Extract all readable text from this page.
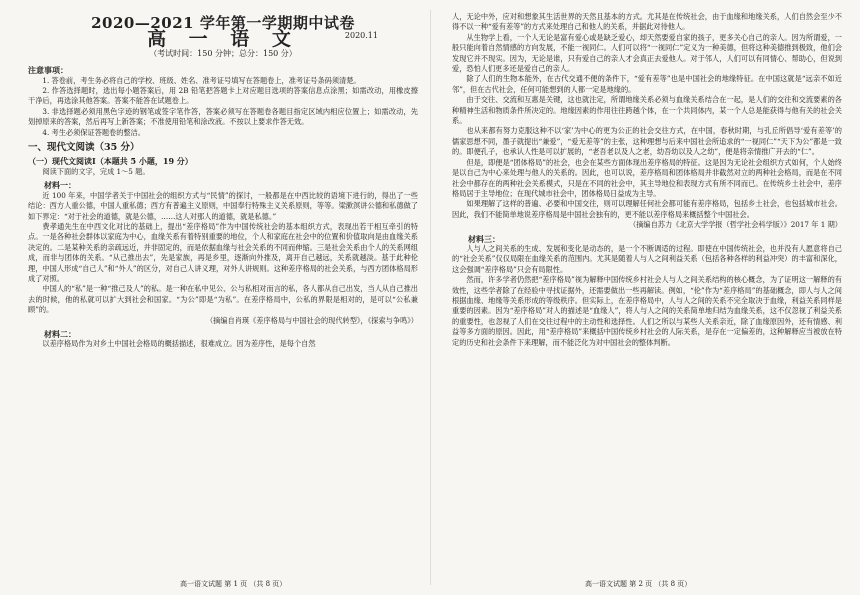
2020—2021 学年第一学期期中试卷
高 一 语 文
（考试时间：150 分钟；总分：150 分）
2020.11
注意事项：

1. 答卷前，考生务必将自己的学校、班级、姓名、准考证号填写在答题卷上，准考证号条码须清楚。

2. 作答选择题时，选出每小题答案后，用 2B 铅笔把答题卡上对应题目选项的答案信息点涂黑；如需改动，用橡皮擦干净后，再选涂其他答案。答案不能答在试题卷上。

3. 非选择题必须用黑色字迹的钢笔或签字笔作答，答案必须写在答题卷各题目指定区域内相应位置上；如需改动，先划掉原来的答案，然后再写上新答案；不准使用铅笔和涂改液。不按以上要求作答无效。

4. 考生必须保证答题卷的整洁。

一、现代文阅读（35 分）
（一）现代文阅读Ⅰ（本题共 5 小题，19 分）

阅读下面的文字，完成 1～5 题。

材料一：

近 100 年来，中国学者关于中国社会的组织方式与“民情”的探讨，一般都是在中西比较的语境下进行的，得出了一些结论：西方人重公德，中国人重私德；西方有普遍主义原则，中国奉行特殊主义关系原则，等等。梁漱溟讲公德和私德做了如下界定：“对于社会的道德，就是公德，……这人对那人的道德，就是私德。”

费孝通先生在中西文化对比的基础上，提出“差序格局”作为中国传统社会的基本组织方式，表现出若干相互牵引的特点。一是各种社会群体以家庭为中心，血缘关系有着特别重要的地位，个人和家庭在社会中的位置和价值取向是由血缘关系决定的。二是某种关系的亲疏远近，并非固定的，而是依据血缘与社会关系的不同而伸缩。三是社会关系由个人的关系网组成，而非与团体的关系。“从己推出去”，先是家族，再是乡里，逐渐向外推及，离开自己越远，关系就越淡。基于此种伦理，中国人形成“自己人”和“外人”的区分，对自己人讲义理，对外人讲规则。这种差序格局的社会关系，与西方团体格局形成了对照。

中国人的“私”是一种“推己及人”的私。是一种在私中见公、公与私相对而言的私，各人都从自己出发，当人从自己推出去的时候，他的私就可以扩大到社会和国家。“为公”即是“为私”。在差序格局中，公私的界限是相对的，是可以“公私兼顾”的。

（摘编自肖瑛《差序格局与中国社会的现代转型》，《探索与争鸣》）

材料二：

以差序格局作为对乡土中国社会格局的概括描述，很难成立。因为差序性，是每个自然

高一语文试题 第 1 页 （共 8 页）

人，无论中外，应对和想象其生活世界的天然且基本的方式。尤其是在传统社会，由于血缘和地缘关系，人们自然会至少不得不以一种“爱有差等”的方式来处理自己和他人的关系，并据此对待他人。

从生物学上看，一个人无论是富有爱心或是缺乏爱心，却天然要爱自家的孩子，更多关心自己的亲人。因为所谓爱，一般只能向着自然情感的方向发展，不能一视同仁。人们可以将“一视同仁”定义为一种美德，但将这种美德推到极致，他们会发现它并不现实。因为，无论是谁，只有爱自己的亲人才会真正去爱他人。对于邻人，人们可以有同情心、帮助心，但说到爱，恐怕人们更多还是爱自己的亲人。

除了人们的生物本能外，在古代交通不便的条件下，“爱有差等”也是中国社会的地缘特征。在中国这就是“远亲不如近邻”，但在古代社会，任何可能想到的人都一定是地缘的。

由于交往、交流和互惠是关键，这也就注定，所谓地缘关系必须与血缘关系结合在一起，是人们的交往和交流要素的各种精神生活和物质条件所决定的。地缘因素的作用往往跨越个体，在一个共同体内，某一个人总是能获得与他有关的社会关系。

也从来都有努力克服这种不以‘家’为中心的更为公正的社会交往方式，在中国，春秋时期，与孔丘所倡导‘爱有差等’的儒家思想不同，墨子就提出“兼爱”，“爱无差等”的主张，这种理想与后来中国社会所追求的“一视同仁”“天下为公”都是一致的。即便孔子，也承认人性是可以扩展的，“老吾老以及人之老，幼吾幼以及人之幼”，便是将亲情推广开去的“仁”。

但是，即便是“团体格局”的社会，也会在某些方面体现出差序格局的特征。这是因为无论社会组织方式如何，个人始终是以自己为中心来处理与他人的关系的。因此，也可以说，差序格局和团体格局并非截然对立的两种社会格局，而是在不同社会中都存在的两种社会关系模式，只是在不同的社会中，其主导地位和表现方式有所不同而已。在传统乡土社会中，差序格局居于主导地位；在现代城市社会中，团体格局日益成为主导。

如果理解了这样的普遍、必要和中国交往，则可以理解任何社会都可能有差序格局，包括乡土社会，也包括城市社会。因此，我们不能简单地说差序格局是中国社会独有的，更不能以差序格局来概括整个中国社会。

（摘编自苏力《北京大学学报（哲学社会科学版）》2017 年 1 期）

材料三：

人与人之间关系的生成、发展和变化是动态的，是一个不断调适的过程。即使在中国传统社会，也并没有人愿意将自己的“社会关系”仅仅局限在血缘关系的范围内。尤其是随着人与人之间利益关系（包括各种各样的利益冲突）的丰富和深化，这会强调“差序格局”只会有局限性。

然而，许多学者仍然把“差序格局”视为解释中国传统乡村社会人与人之间关系结构的核心概念，为了证明这一解释的有效性，这些学者除了在经验中寻找证据外，还需要做出一些再解读。例如，“伦”作为“差序格局”的基础概念，即人与人之间根据血缘、地缘等关系形成的等级秩序。但实际上，在差序格局中，人与人之间的关系不完全取决于血缘，利益关系同样是重要的因素。因为“差序格局”对人的描述是“血缘人”，将人与人之间的关系简单地归结为血缘关系，这不仅忽视了利益关系的重要性，也忽视了人们在交往过程中的主动性和选择性。人们之所以与某些人关系亲近，除了血缘原因外，还有情感、利益等多方面的原因。因此，用“差序格局”来概括中国传统乡村社会的人际关系，是存在一定偏差的，这种解释应当被放在特定的历史和社会条件下来理解，而不能泛化为对中国社会的整体判断。

高一语文试题 第 2 页 （共 8 页）
